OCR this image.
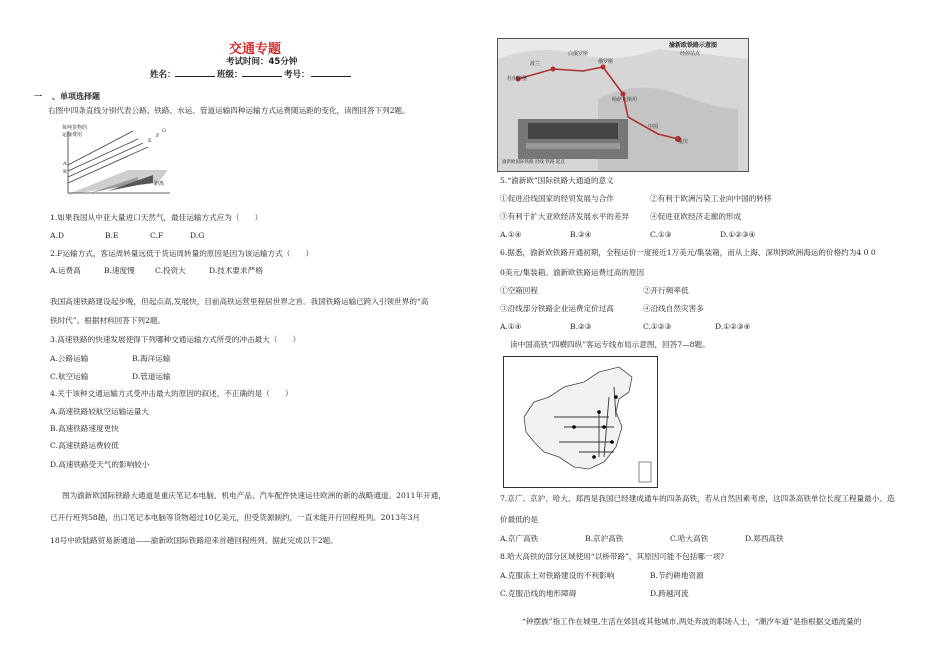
交通专题
考试时间：45分钟
姓名：	班级：	考号：
一 、单项选择题
右图中四条直线分别代表公路、铁路、水运、管道运输四种运输方式运费随运距的变化，读图回答下列2题。
每吨货物的
运输费用
距离
A
B
E
F
G
1.如果我国从中亚大量进口天然气，最佳运输方式应为（　　）
A.D	B.E	C.F	D.G
2.F运输方式，客运周转量远低于货运周转量的原因是因为该运输方式（　　）
A.运费高	B.速度慢	C.投资大	D.技术要求严格
我国高速铁路建设起步晚，但起点高,发展快，目前高铁运营里程居世界之首。我国铁路运输已跨入引领世界的“高
铁时代”。根据材料回答下列2题。
3.高速铁路的快速发展使得下列哪种交通运输方式所受的冲击最大（　　）
A.公路运输	B.海洋运输
C.航空运输	D.管道运输
4.关于该种交通运输方式受冲击最大的原因的叙述，不正确的是（　　）
A.高速铁路较航空运输运量大
B.高速铁路速度更快
C.高速铁路运费较低
D.高速铁路受天气的影响较小
图为渝新欧国际铁路大通道是重庆笔记本电脑、机电产品、汽车配件快速运往欧洲的新的战略通道。2011年开通，
已开行班列58趟，出口笔记本电脑等货物超过10亿美元，但受货源制约，一直未能开行回程班列。2013年3月
18号中欧陆路贸易新通道——渝新欧国际铁路迎来首趟回程班列。据此完成以下2题。
渝新欧铁路示意图
经停站点
杜伊斯堡
波兰
白俄罗斯
俄罗斯
哈萨克斯坦
中国
重庆
渝新欧国际铁路 沿线 铁路 起点
5.“渝新欧”国际铁路大通道的意义
①促进沿线国家的经贸发展与合作	②有利于欧洲污染工业向中国的转移
③有利于扩大亚欧经济发展水平的差异	④促进亚欧经济走廊的形成
A.①④	B.②④	C.①③	D.①②③④
6.据悉，渝新欧铁路开通初期，全程运价一度接近1万美元/集装箱，而从上海、深圳到欧洲海运的价格约为4 0 0
0美元/集装箱。渝新欧铁路运费过高的原因
①空箱回程	②开行频率低
③沿线部分铁路企业运费定价过高	④沿线自然灾害多
A.①④	B.②③	C.①②③	D.①②③④
读中国高铁“四横四纵”客运专线布局示意图，回答7—8题。
7.京广、京沪、哈大、郑西是我国已经建成通车的四条高铁，若从自然因素考虑，这四条高铁单位长度工程量最小、造
价最低的是
A.京广高铁	B.京沪高铁	C.哈大高铁	D.郑西高铁
8.哈大高铁的部分区域使用“以桥带路”，其原因可能不包括哪一项?
A.克服冻土对铁路建设的不利影响	B.节约耕地资源
C.克服沿线的地形障碍	D.跨越河流
“钟摆族”指工作在城里,生活在郊县或其他城市,两处奔波的职场人士，“潮汐车道”是指根据交通流量的
